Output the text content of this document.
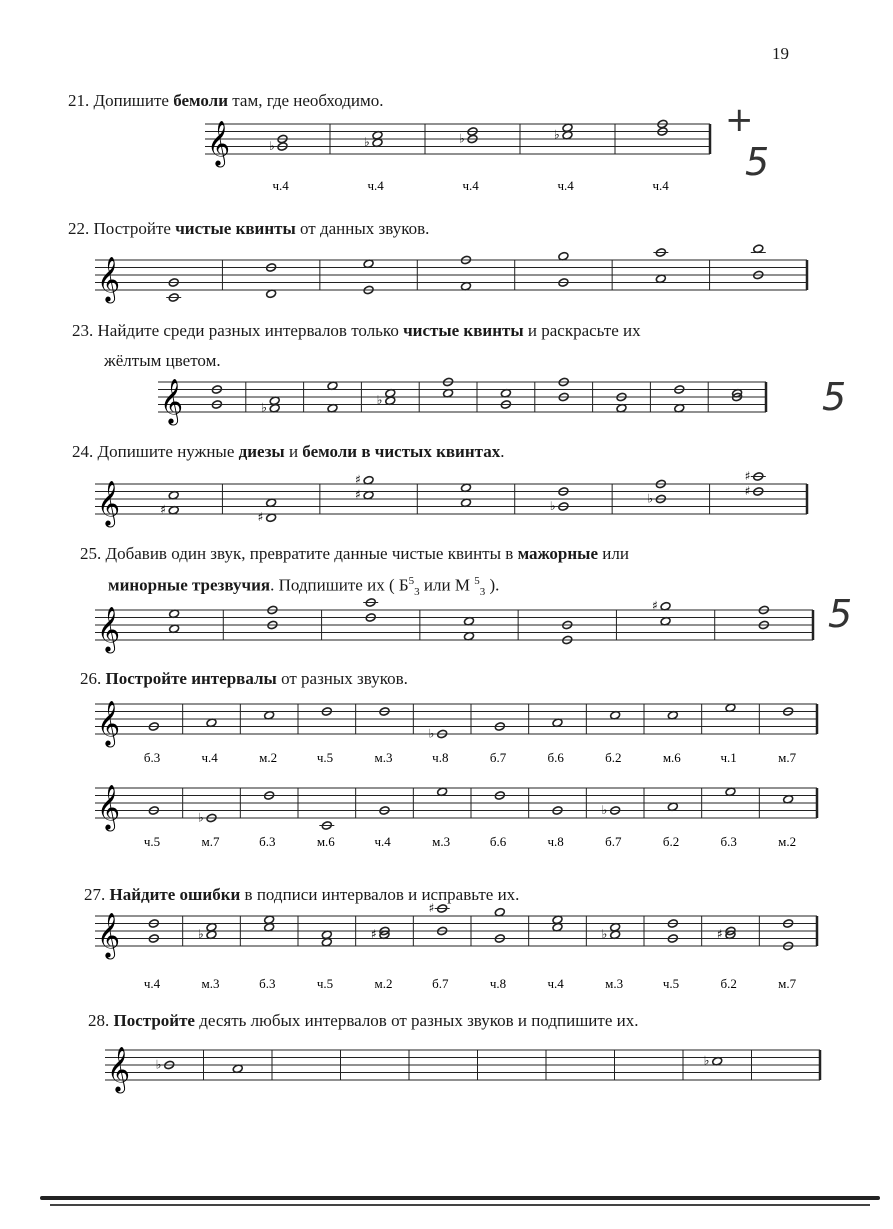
19
21. Допишите бемоли там, где необходимо.
𝄞	♭	♭	♭	♭
ч.4	ч.4	ч.4	ч.4	ч.4
5
+
22. Постройте чистые квинты от данных звуков.
𝄞
23. Найдите среди разных интервалов только чистые квинты и раскрасьте их
жёлтым цветом.
𝄞	♭
♭	5
24. Допишите нужные диезы и бемоли в чистых квинтах.
𝄞	♯
♯
♯
♯
♭
♭
♯
♯
25. Добавив один звук, превратите данные чистые квинты в мажорные или
минорные трезвучия. Подпишите их ( $Б^5_3$ или М $^5_3$ ).
𝄞
♯	5
26. Постройте интервалы от разных звуков.
𝄞	♭
б.3	ч.4	м.2	ч.5	м.3	ч.8	б.7	б.6	б.2	м.6	ч.1	м.7
𝄞	♭
♭
ч.5	м.7	б.3	м.6	ч.4	м.3	б.6	ч.8	б.7	б.2	б.3	м.2
27. Найдите ошибки в подписи интервалов и исправьте их.
𝄞	♭	♯
♯
♭	♯
ч.4	м.3	б.3	ч.5	м.2	б.7	ч.8	ч.4	м.3	ч.5	б.2	м.7
28. Постройте десять любых интервалов от разных звуков и подпишите их.
𝄞 ♭	♭
